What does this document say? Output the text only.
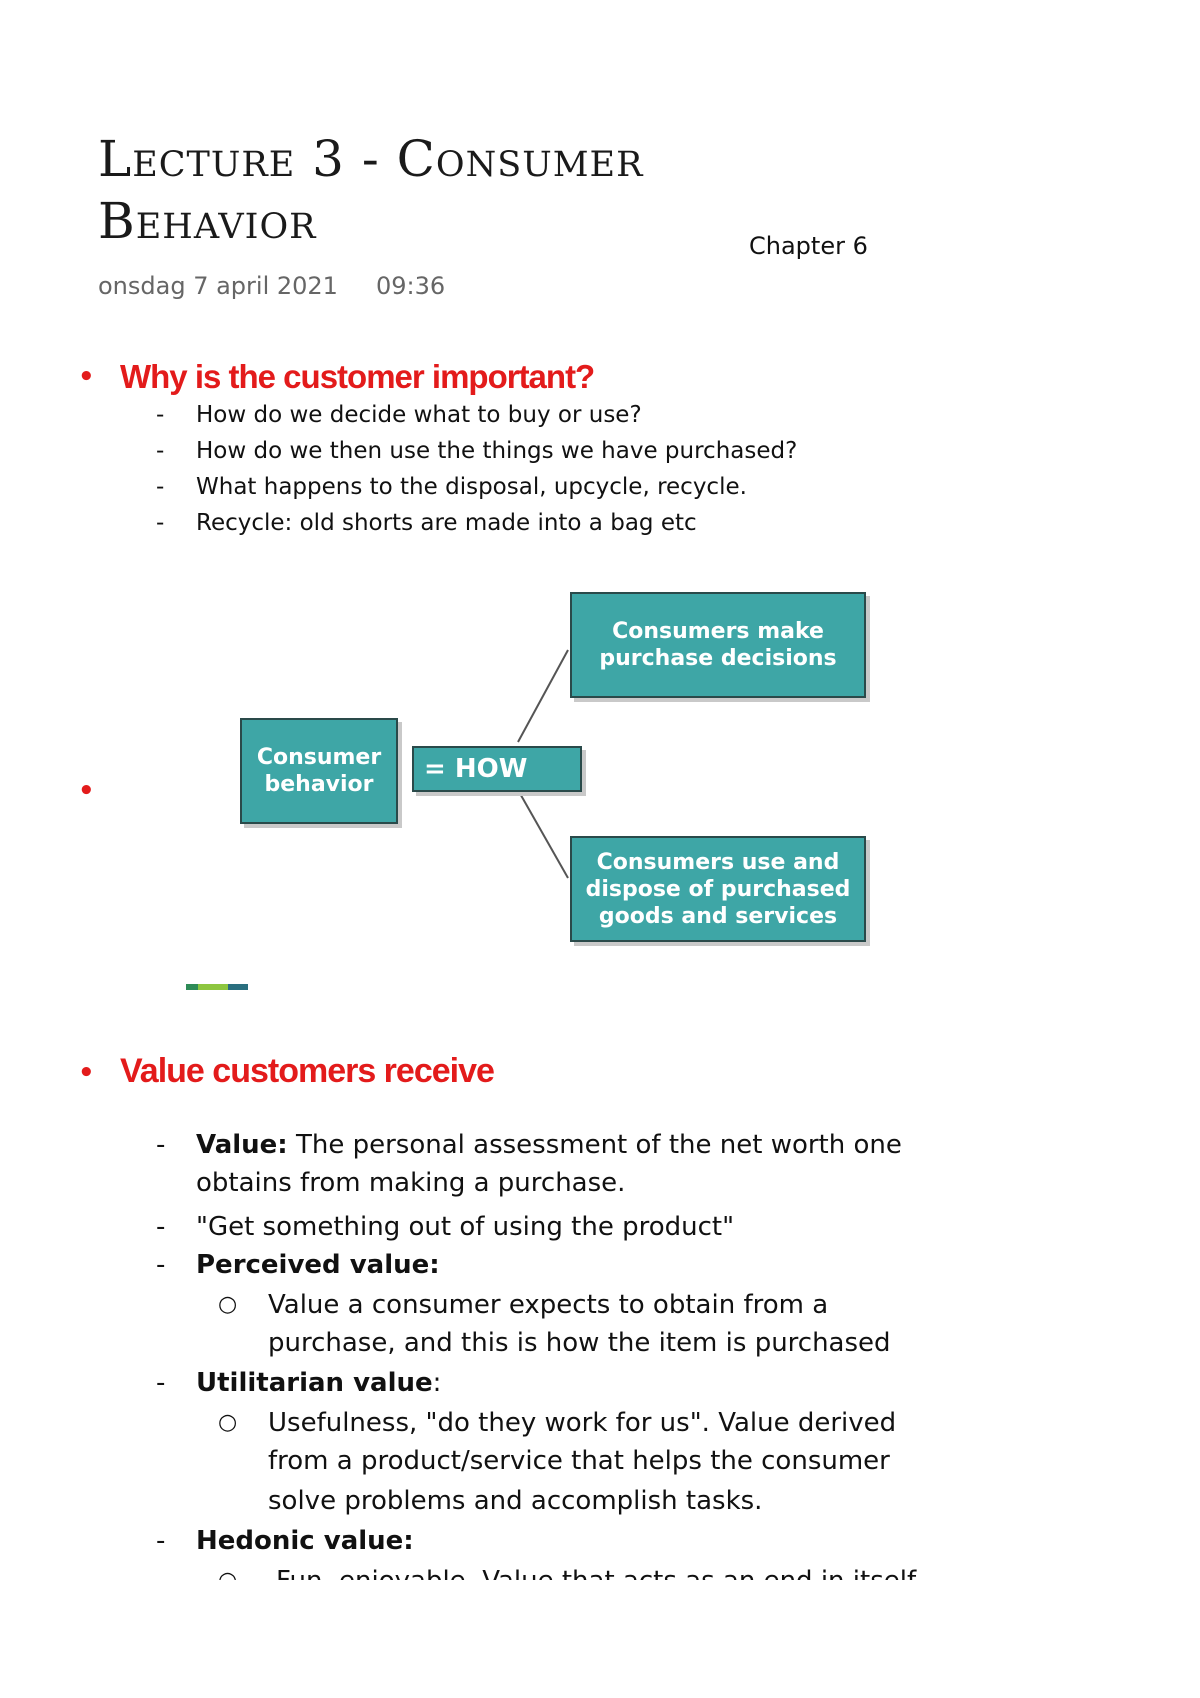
Lecture 3 - Consumer
Behavior	Chapter 6
onsdag 7 april 2021 09:36
• Why is the customer important?
- How do we decide what to buy or use?
- How do we then use the things we have purchased?
- What happens to the disposal, upcycle, recycle.
- Recycle: old shorts are made into a bag etc
Consumer behavior
= HOW
Consumers make purchase decisions
Consumers use and dispose of purchased goods and services
•
• Value customers receive
- Value: The personal assessment of the net worth one
obtains from making a purchase.
- "Get something out of using the product"
- Perceived value:
○ Value a consumer expects to obtain from a
purchase, and this is how the item is purchased
- Utilitarian value:
○ Usefulness, "do they work for us". Value derived
from a product/service that helps the consumer
solve problems and accomplish tasks.
- Hedonic value:
